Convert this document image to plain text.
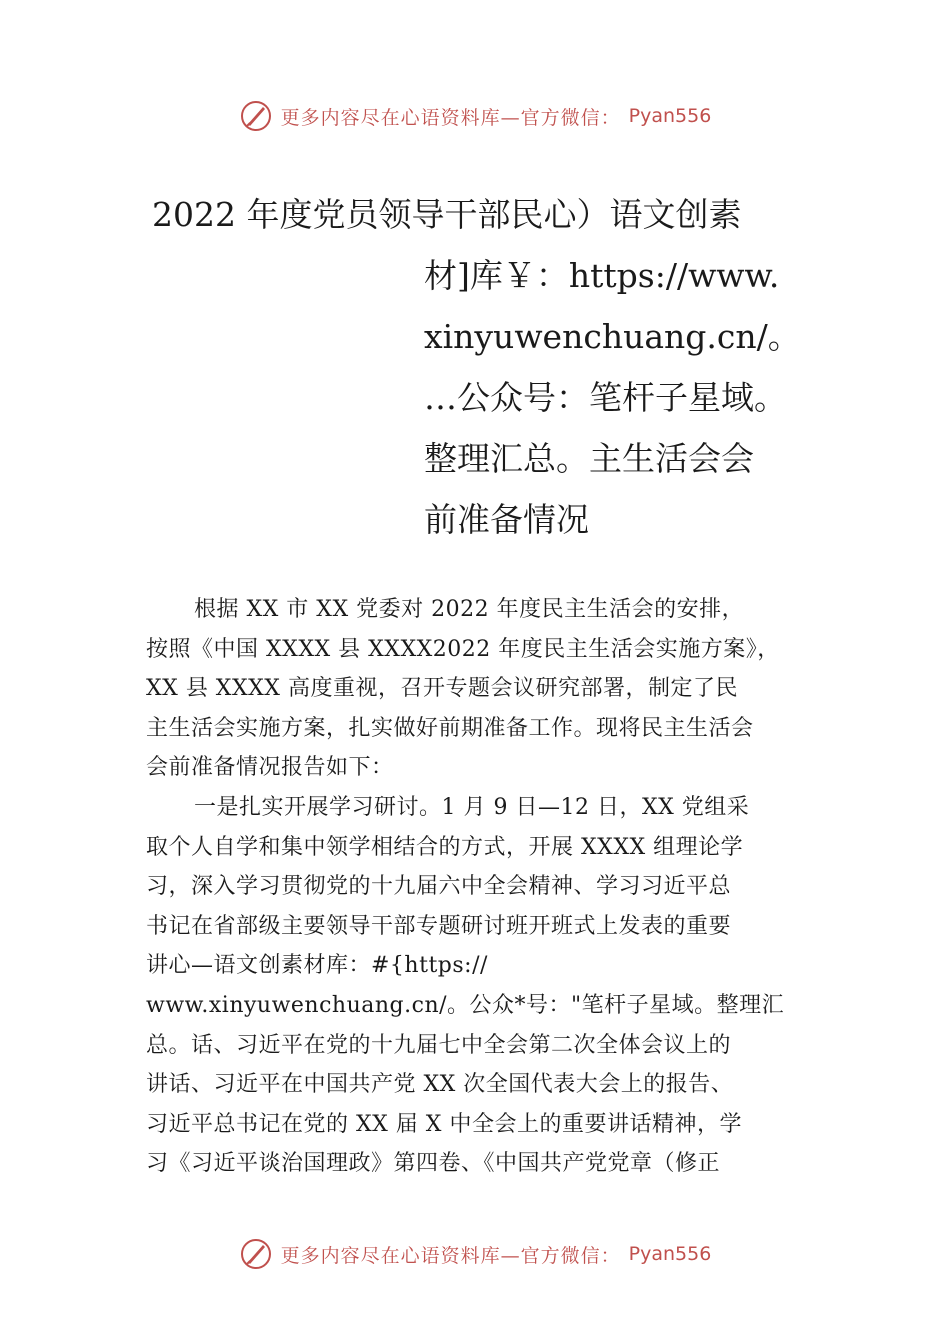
更多内容尽在心语资料库—官方微信： Pyan556
2022 年度党员领导干部民心）语文创素
材]库￥：https://www.
xinyuwenchuang.cn/。
…公众号：笔杆子星域。
整理汇总。主生活会会
前准备情况
根据 XX 市 XX 党委对 2022 年度民主生活会的安排，
按照《中国 XXXX 县 XXXX2022 年度民主生活会实施方案》，
XX 县 XXXX 高度重视，召开专题会议研究部署，制定了民
主生活会实施方案，扎实做好前期准备工作。现将民主生活会
会前准备情况报告如下：
一是扎实开展学习研讨。1 月 9 日—12 日，XX 党组采
取个人自学和集中领学相结合的方式，开展 XXXX 组理论学
习，深入学习贯彻党的十九届六中全会精神、学习习近平总
书记在省部级主要领导干部专题研讨班开班式上发表的重要
讲心—语文创素材库：#{https://
www.xinyuwenchuang.cn/。公众*号："笔杆子星域。整理汇
总。话、习近平在党的十九届七中全会第二次全体会议上的
讲话、习近平在中国共产党 XX 次全国代表大会上的报告、
习近平总书记在党的 XX 届 X 中全会上的重要讲话精神，学
习《习近平谈治国理政》第四卷、《中国共产党党章（修正
更多内容尽在心语资料库—官方微信： Pyan556
